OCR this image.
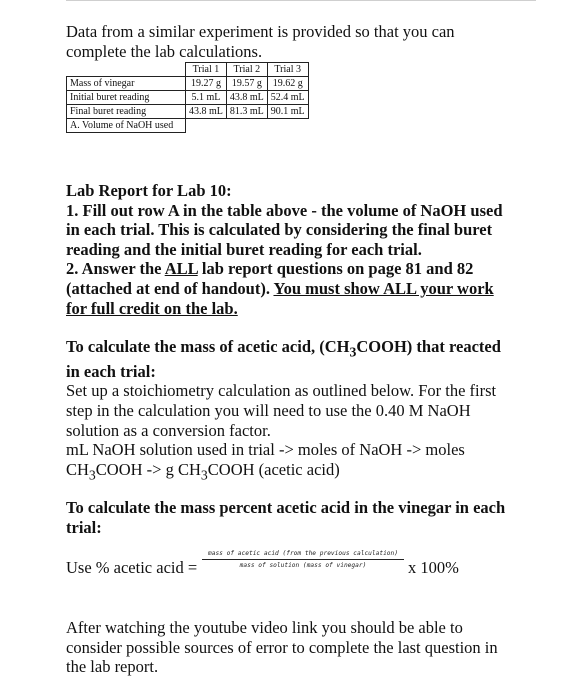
Data from a similar experiment is provided so that you can
complete the lab calculations.
	Trial 1	Trial 2	Trial 3
Mass of vinegar	19.27 g	19.57 g	19.62 g
Initial buret reading	5.1 mL	43.8 mL	52.4 mL
Final buret reading	43.8 mL	81.3 mL	90.1 mL
A. Volume of NaOH used			
Lab Report for Lab 10:
1. Fill out row A in the table above - the volume of NaOH used in each trial. This is calculated by considering the final buret reading and the initial buret reading for each trial.
2. Answer the ALL lab report questions on page 81 and 82 (attached at end of handout). You must show ALL your work for full credit on the lab.
To calculate the mass of acetic acid, $(CH_3COOH)$ that reacted in each trial:
Set up a stoichiometry calculation as outlined below. For the first step in the calculation you will need to use the 0.40 M NaOH solution as a conversion factor.
mL NaOH solution used in trial -> moles of NaOH -> moles $CH_3COOH -> g$ $CH_3COOH$ (acetic acid)
To calculate the mass percent acetic acid in the vinegar in each trial:
Use % acetic acid =
mass of acetic acid (from the previous calculation)
mass of solution (mass of vinegar)	x 100%
After watching the youtube video link you should be able to consider possible sources of error to complete the last question in the lab report.
